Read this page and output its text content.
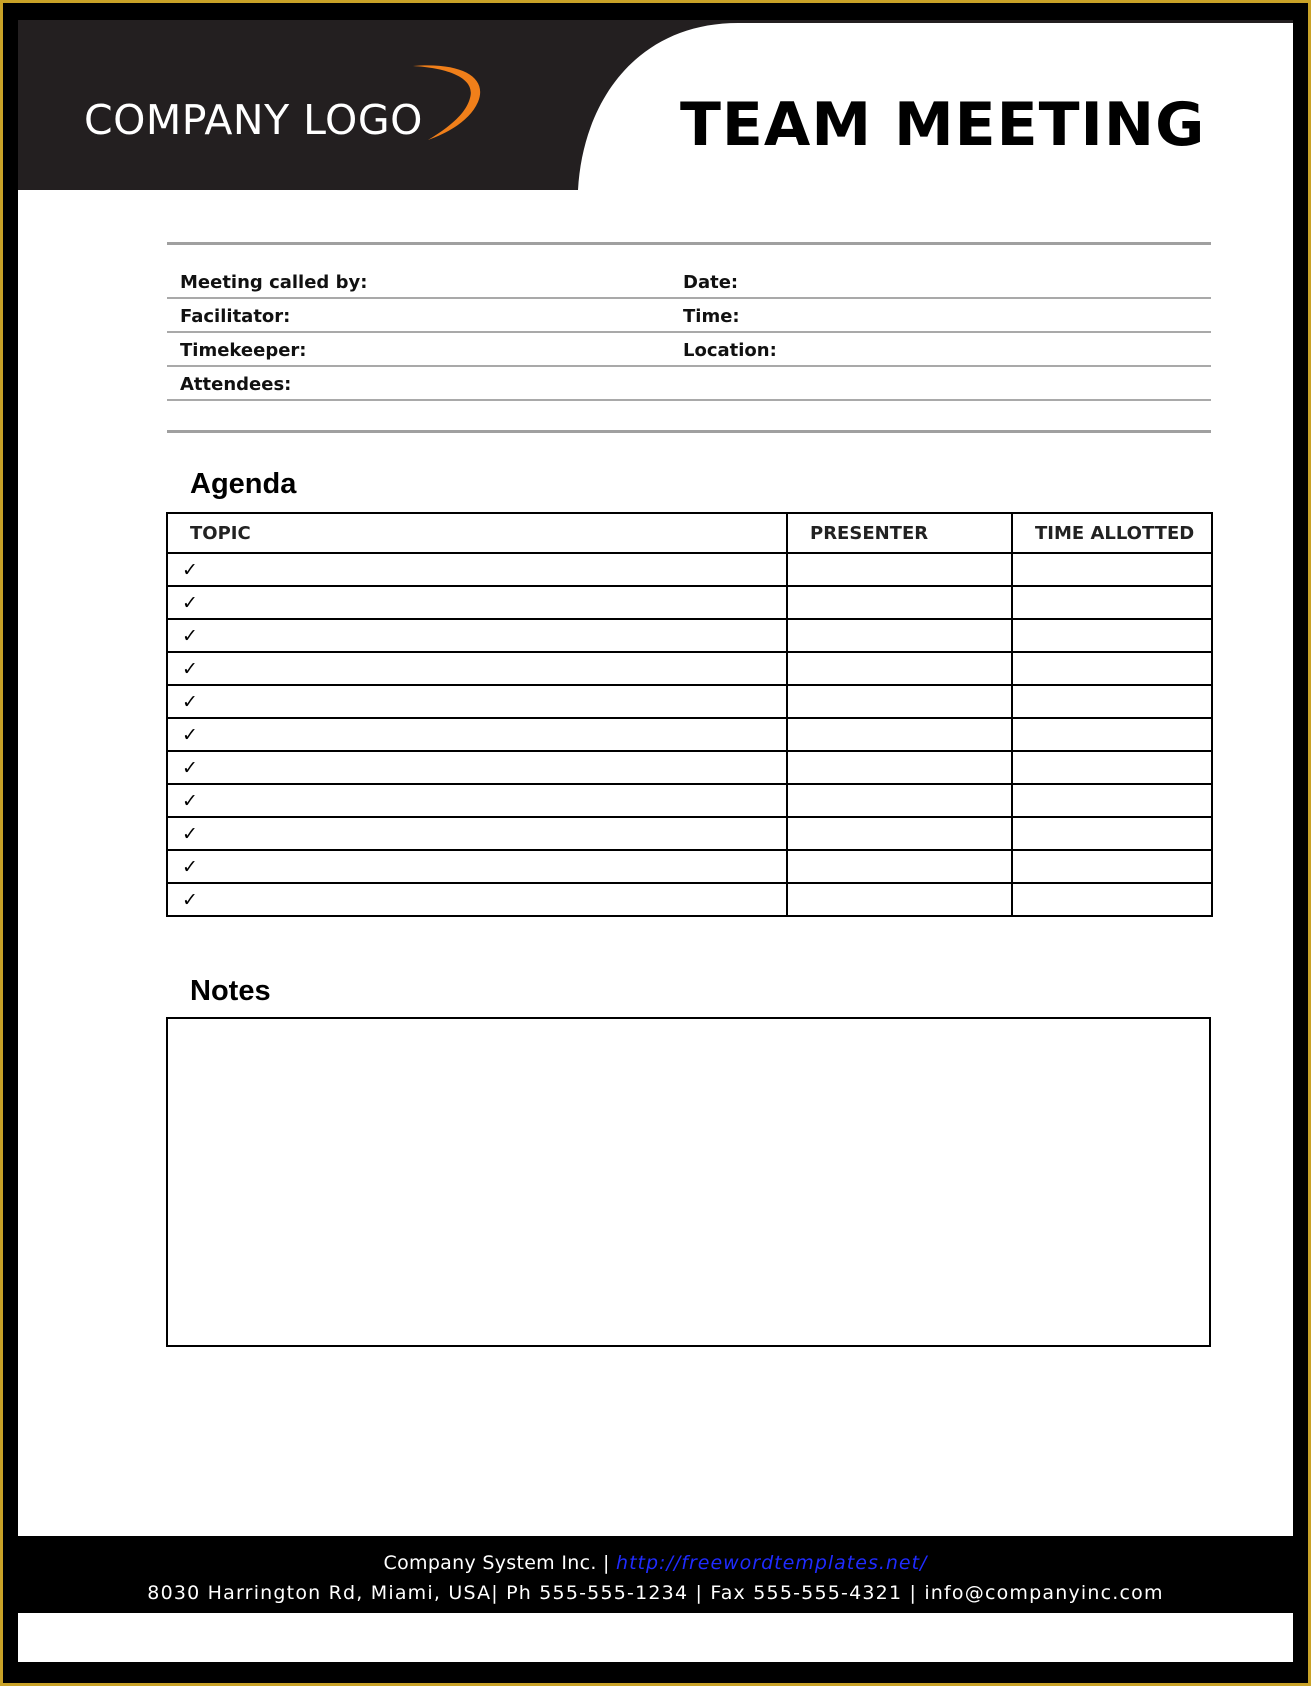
COMPANY LOGO	TEAM MEETING
Meeting called by:	Date:
Facilitator:	Time:
Timekeeper:	Location:
Attendees:
Agenda
TOPIC	PRESENTER	TIME ALLOTTED
✓		
✓		
✓		
✓		
✓		
✓		
✓		
✓		
✓		
✓		
✓		
Notes
Company System Inc. | http://freewordtemplates.net/
8030 Harrington Rd, Miami, USA| Ph 555-555-1234 | Fax 555-555-4321 | info@companyinc.com
